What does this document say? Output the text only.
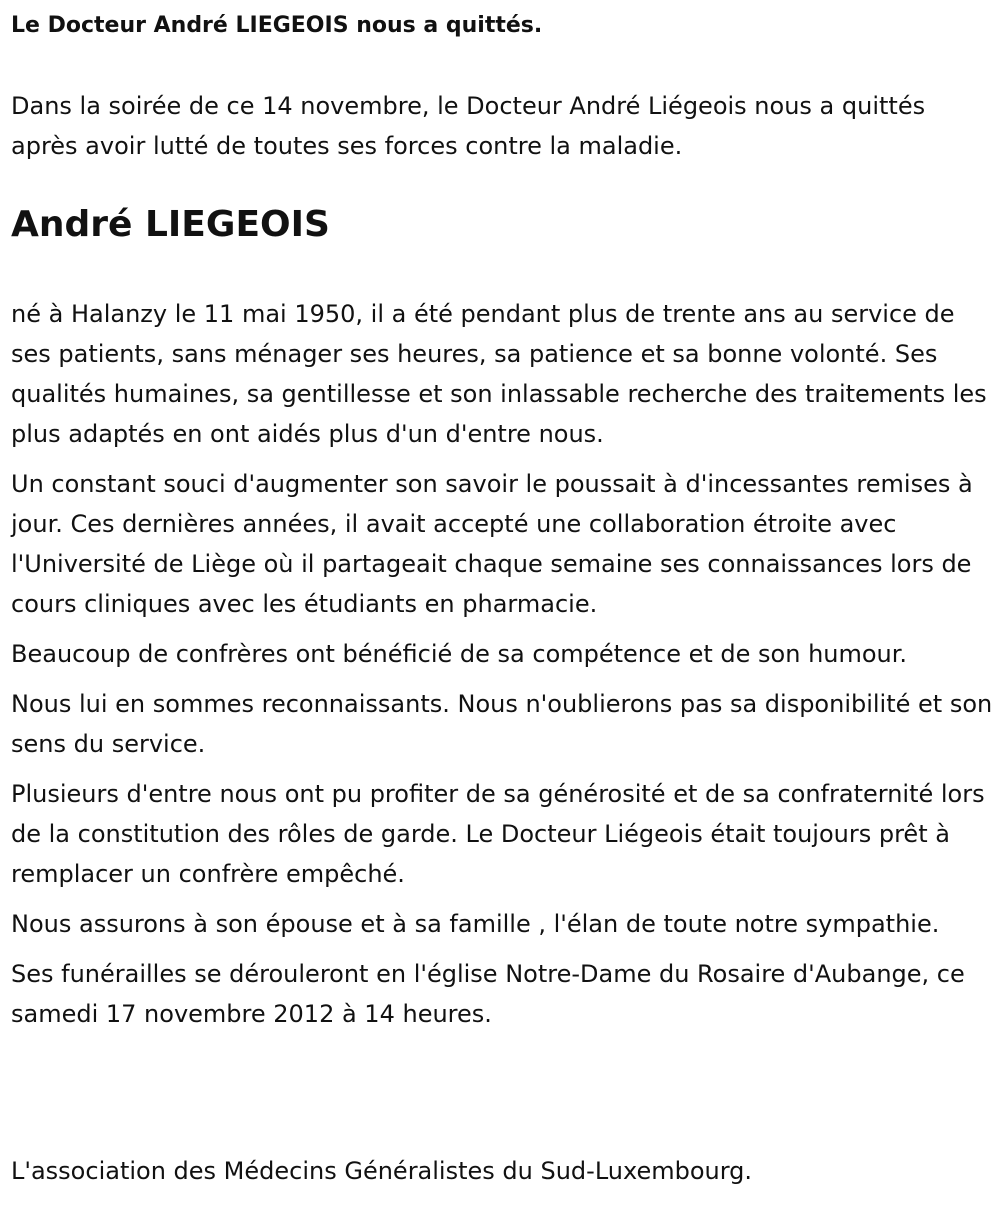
Le Docteur André LIEGEOIS nous a quittés.

Dans la soirée de ce 14 novembre, le Docteur André Liégeois nous a quittés après avoir lutté de toutes ses forces contre la maladie.

André LIEGEOIS

né à Halanzy le 11 mai 1950, il a été pendant plus de trente ans au service de ses patients, sans ménager ses heures, sa patience et sa bonne volonté. Ses qualités humaines, sa gentillesse et son inlassable recherche des traitements les plus adaptés en ont aidés plus d'un d'entre nous.

Un constant souci d'augmenter son savoir le poussait à d'incessantes remises à jour. Ces dernières années, il avait accepté une collaboration étroite avec l'Université de Liège où il partageait chaque semaine ses connaissances lors de cours cliniques avec les étudiants en pharmacie.

Beaucoup de confrères ont bénéficié de sa compétence et de son humour.

Nous lui en sommes reconnaissants. Nous n'oublierons pas sa disponibilité et son sens du service.

Plusieurs d'entre nous ont pu profiter de sa générosité et de sa confraternité lors de la constitution des rôles de garde. Le Docteur Liégeois était toujours prêt à remplacer un confrère empêché.

Nous assurons à son épouse et à sa famille , l'élan de toute notre sympathie.

Ses funérailles se dérouleront en l'église Notre-Dame du Rosaire d'Aubange, ce samedi 17 novembre 2012 à 14 heures.

L'association des Médecins Généralistes du Sud-Luxembourg.
